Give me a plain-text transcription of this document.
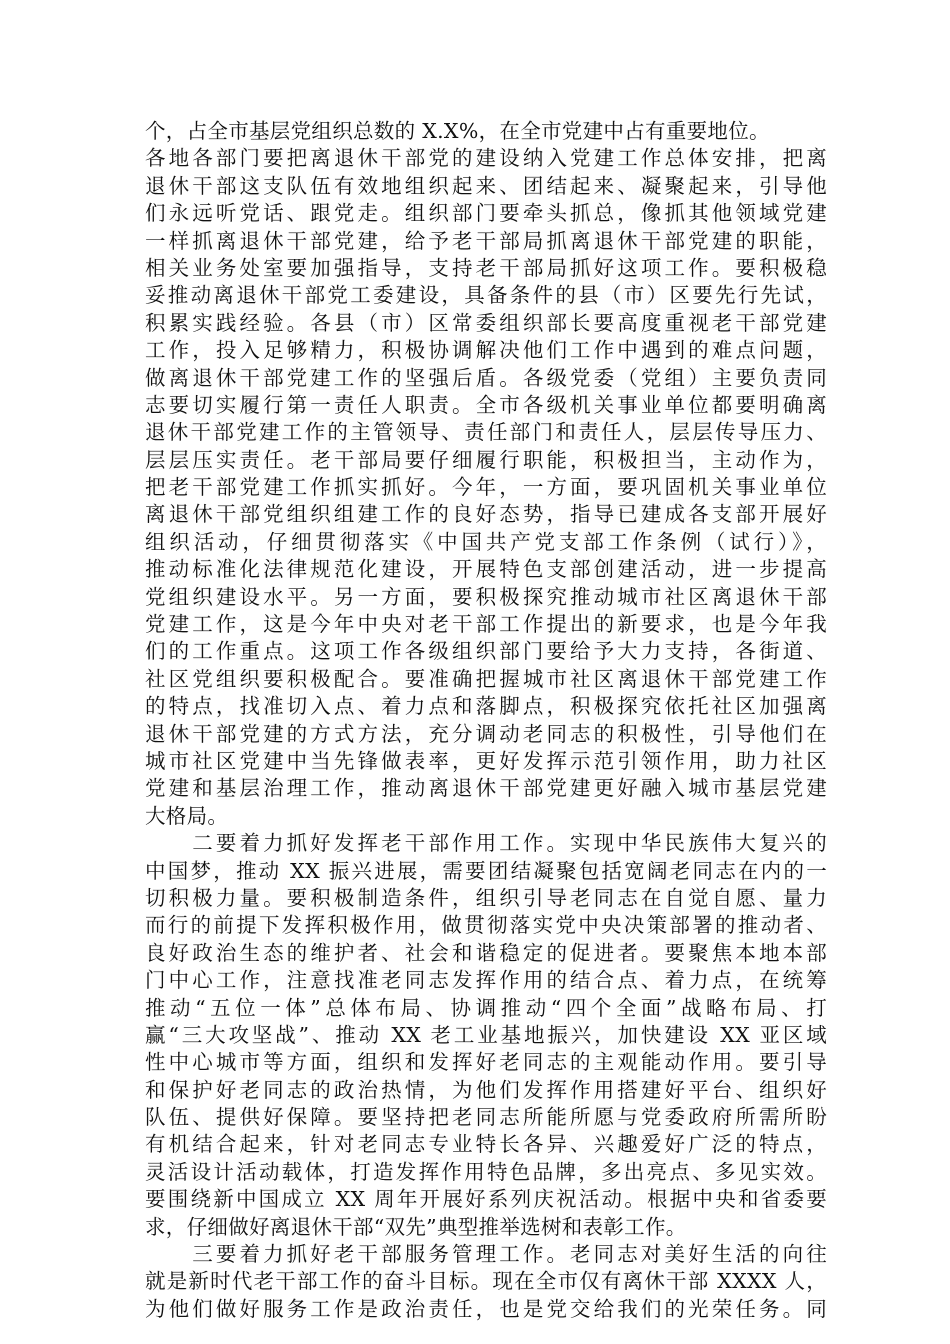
个，占全市基层党组织总数的 X.X%，在全市党建中占有重要地位。
各地各部门要把离退休干部党的建设纳入党建工作总体安排，把离
退休干部这支队伍有效地组织起来、团结起来、凝聚起来，引导他
们永远听党话、跟党走。组织部门要牵头抓总，像抓其他领域党建
一样抓离退休干部党建，给予老干部局抓离退休干部党建的职能，
相关业务处室要加强指导，支持老干部局抓好这项工作。要积极稳
妥推动离退休干部党工委建设，具备条件的县（市）区要先行先试，
积累实践经验。各县（市）区常委组织部长要高度重视老干部党建
工作，投入足够精力，积极协调解决他们工作中遇到的难点问题，
做离退休干部党建工作的坚强后盾。各级党委（党组）主要负责同
志要切实履行第一责任人职责。全市各级机关事业单位都要明确离
退休干部党建工作的主管领导、责任部门和责任人，层层传导压力、
层层压实责任。老干部局要仔细履行职能，积极担当，主动作为，
把老干部党建工作抓实抓好。今年，一方面，要巩固机关事业单位
离退休干部党组织组建工作的良好态势，指导已建成各支部开展好
组织活动，仔细贯彻落实《中国共产党支部工作条例（试行）》，
推动标准化法律规范化建设，开展特色支部创建活动，进一步提高
党组织建设水平。另一方面，要积极探究推动城市社区离退休干部
党建工作，这是今年中央对老干部工作提出的新要求，也是今年我
们的工作重点。这项工作各级组织部门要给予大力支持，各街道、
社区党组织要积极配合。要准确把握城市社区离退休干部党建工作
的特点，找准切入点、着力点和落脚点，积极探究依托社区加强离
退休干部党建的方式方法，充分调动老同志的积极性，引导他们在
城市社区党建中当先锋做表率，更好发挥示范引领作用，助力社区
党建和基层治理工作，推动离退休干部党建更好融入城市基层党建
大格局。
　　二要着力抓好发挥老干部作用工作。实现中华民族伟大复兴的
中国梦，推动 XX 振兴进展，需要团结凝聚包括宽阔老同志在内的一
切积极力量。要积极制造条件，组织引导老同志在自觉自愿、量力
而行的前提下发挥积极作用，做贯彻落实党中央决策部署的推动者、
良好政治生态的维护者、社会和谐稳定的促进者。要聚焦本地本部
门中心工作，注意找准老同志发挥作用的结合点、着力点，在统筹
推动“五位一体”总体布局、协调推动“四个全面”战略布局、打
赢“三大攻坚战”、推动 XX 老工业基地振兴，加快建设 XX 亚区域
性中心城市等方面，组织和发挥好老同志的主观能动作用。要引导
和保护好老同志的政治热情，为他们发挥作用搭建好平台、组织好
队伍、提供好保障。要坚持把老同志所能所愿与党委政府所需所盼
有机结合起来，针对老同志专业特长各异、兴趣爱好广泛的特点，
灵活设计活动载体，打造发挥作用特色品牌，多出亮点、多见实效。
要围绕新中国成立 XX 周年开展好系列庆祝活动。根据中央和省委要
求，仔细做好离退休干部“双先”典型推举选树和表彰工作。
　　三要着力抓好老干部服务管理工作。老同志对美好生活的向往
就是新时代老干部工作的奋斗目标。现在全市仅有离休干部 XXXX 人，
为他们做好服务工作是政治责任，也是党交给我们的光荣任务。同
